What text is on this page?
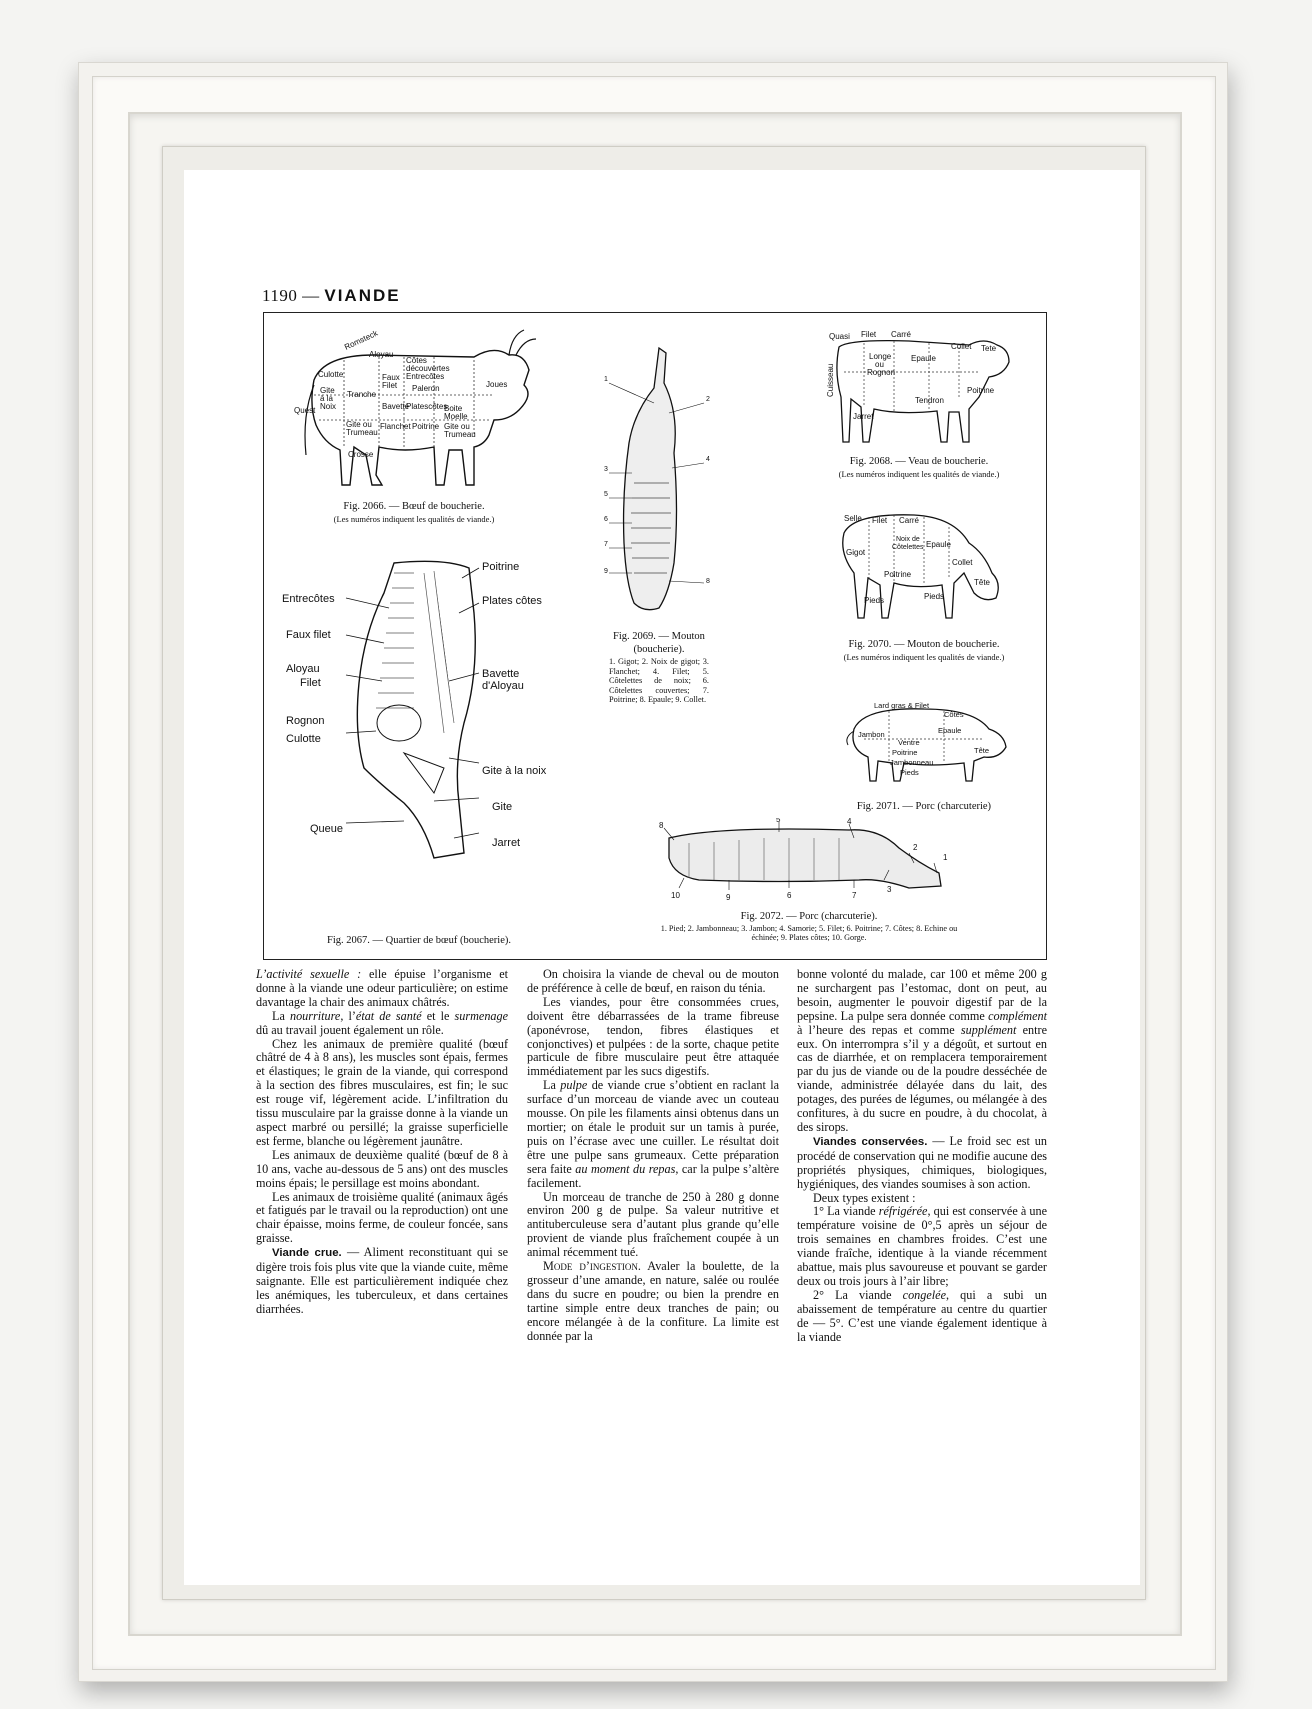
1190 — VIANDE
Culotte
Romsteck
Aloyau
Faux
Filet
Côtes
découvertes
Entrecôtes
Paleron	Joues
Gite
à la
Noix
Tranche
Quest	Bavette
Platescôtes
Boite
Moelle
Gite ou
Trumeau
Flanchet Poitrine Gite ou
Trumeau
Crosse
Fig. 2066. — Bœuf de boucherie.
(Les numéros indiquent les qualités de viande.)
Poitrine
Entrecôtes	Plates côtes
Faux filet
Aloyau
Filet
Bavette d'Aloyau
Rognon
Culotte
Gite à la noix
Gite
Queue
Jarret
Fig. 2067. — Quartier de bœuf (boucherie).
1
2
3
4
5
6
7
8
9
Fig. 2069. — Mouton (boucherie).
1. Gigot; 2. Noix de gigot; 3. Flanchet; 4. Filet; 5. Côtelettes de noix; 6. Côtelettes couvertes; 7. Poitrine; 8. Epaule; 9. Collet.
Quasi Filet Carré
Collet Tete
Longe
ou
Rognon
Epaule
Cuisseau	Poitrine
Tendron
Jarret
Fig. 2068. — Veau de boucherie.
(Les numéros indiquent les qualités de viande.)
Selle Filet Carré
Gigot
Noix de
Côtelettes Epaule
Collet
Poitrine
Tête
Pieds	Pieds
Fig. 2070. — Mouton de boucherie.
(Les numéros indiquent les qualités de viande.)
Lard gras & Filet
Côtes
Jambon	Epaule
Ventre
Poitrine	Tête
Jambonneau
Pieds
Fig. 2071. — Porc (charcuterie)
1
2
3
4
5
6	7
8
9
10
Fig. 2072. — Porc (charcuterie).
1. Pied; 2. Jambonneau; 3. Jambon; 4. Samorie; 5. Filet; 6. Poitrine; 7. Côtes; 8. Echine ou échinée; 9. Plates côtes; 10. Gorge.

L’activité sexuelle : elle épuise l’organisme et donne à la viande une odeur particulière; on estime davantage la chair des animaux châtrés.

La nourriture, l’état de santé et le surmenage dû au travail jouent également un rôle.

Chez les animaux de première qualité (bœuf châtré de 4 à 8 ans), les muscles sont épais, fermes et élastiques; le grain de la viande, qui correspond à la section des fibres musculaires, est fin; le suc est rouge vif, légèrement acide. L’infiltration du tissu musculaire par la graisse donne à la viande un aspect marbré ou persillé; la graisse superficielle est ferme, blanche ou légèrement jaunâtre.

Les animaux de deuxième qualité (bœuf de 8 à 10 ans, vache au-dessous de 5 ans) ont des muscles moins épais; le persillage est moins abondant.

Les animaux de troisième qualité (animaux âgés et fatigués par le travail ou la reproduction) ont une chair épaisse, moins ferme, de couleur foncée, sans graisse.

Viande crue. — Aliment reconstituant qui se digère trois fois plus vite que la viande cuite, même saignante. Elle est particulièrement indiquée chez les anémiques, les tuberculeux, et dans certaines diarrhées.

On choisira la viande de cheval ou de mouton de préférence à celle de bœuf, en raison du ténia.

Les viandes, pour être consommées crues, doivent être débarrassées de la trame fibreuse (aponévrose, tendon, fibres élastiques et conjonctives) et pulpées : de la sorte, chaque petite particule de fibre musculaire peut être attaquée immédiatement par les sucs digestifs.

La pulpe de viande crue s’obtient en raclant la surface d’un morceau de viande avec un couteau mousse. On pile les filaments ainsi obtenus dans un mortier; on étale le produit sur un tamis à purée, puis on l’écrase avec une cuiller. Le résultat doit être une pulpe sans grumeaux. Cette préparation sera faite au moment du repas, car la pulpe s’altère facilement.

Un morceau de tranche de 250 à 280 g donne environ 200 g de pulpe. Sa valeur nutritive et antituberculeuse sera d’autant plus grande qu’elle provient de viande plus fraîchement coupée à un animal récemment tué.

Mode d’ingestion. Avaler la boulette, de la grosseur d’une amande, en nature, salée ou roulée dans du sucre en poudre; ou bien la prendre en tartine simple entre deux tranches de pain; ou encore mélangée à de la confiture. La limite est donnée par la

bonne volonté du malade, car 100 et même 200 g ne surchargent pas l’estomac, dont on peut, au besoin, augmenter le pouvoir digestif par de la pepsine. La pulpe sera donnée comme complément à l’heure des repas et comme supplément entre eux. On interrompra s’il y a dégoût, et surtout en cas de diarrhée, et on remplacera temporairement par du jus de viande ou de la poudre desséchée de viande, administrée délayée dans du lait, des potages, des purées de légumes, ou mélangée à des confitures, à du sucre en poudre, à du chocolat, à des sirops.

Viandes conservées. — Le froid sec est un procédé de conservation qui ne modifie aucune des propriétés physiques, chimiques, biologiques, hygiéniques, des viandes soumises à son action.

Deux types existent :

1° La viande réfrigérée, qui est conservée à une température voisine de 0°,5 après un séjour de trois semaines en chambres froides. C’est une viande fraîche, identique à la viande récemment abattue, mais plus savoureuse et pouvant se garder deux ou trois jours à l’air libre;

2° La viande congelée, qui a subi un abaissement de température au centre du quartier de — 5°. C’est une viande également identique à la viande
